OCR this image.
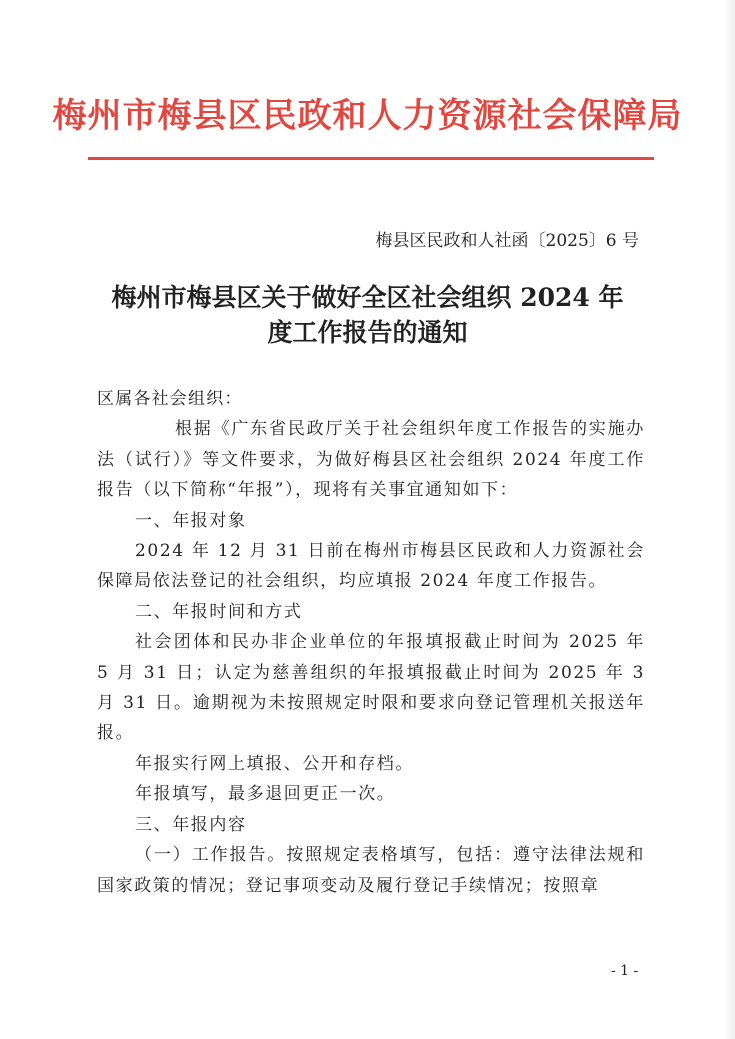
梅州市梅县区民政和人力资源社会保障局
梅县区民政和人社函〔2025〕6 号
梅州市梅县区关于做好全区社会组织 2024 年
度工作报告的通知

区属各社会组织：

根据《广东省民政厅关于社会组织年度工作报告的实施办法（试行）》等文件要求，为做好梅县区社会组织 2024 年度工作报告（以下简称“年报”），现将有关事宜通知如下：

一、年报对象

2024 年 12 月 31 日前在梅州市梅县区民政和人力资源社会保障局依法登记的社会组织，均应填报 2024 年度工作报告。

二、年报时间和方式

社会团体和民办非企业单位的年报填报截止时间为 2025 年 5 月 31 日；认定为慈善组织的年报填报截止时间为 2025 年 3 月 31 日。逾期视为未按照规定时限和要求向登记管理机关报送年报。

年报实行网上填报、公开和存档。

年报填写，最多退回更正一次。

三、年报内容

（一）工作报告。按照规定表格填写，包括：遵守法律法规和国家政策的情况；登记事项变动及履行登记手续情况；按照章

- 1 -
